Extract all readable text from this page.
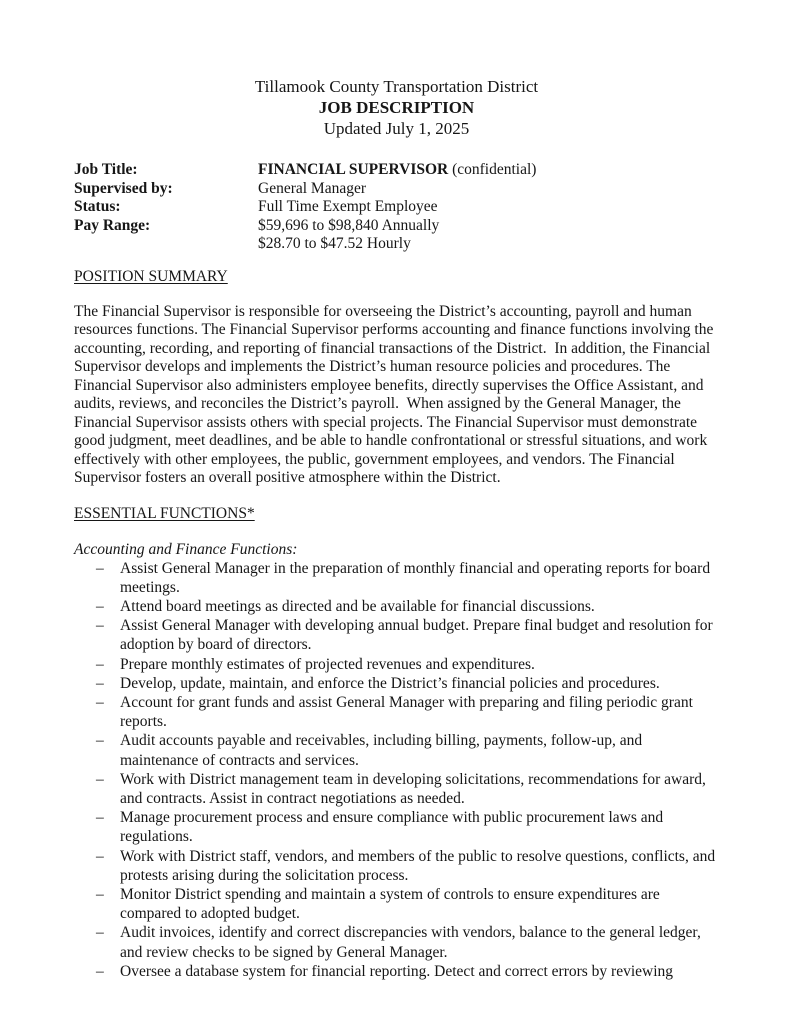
Tillamook County Transportation District
JOB DESCRIPTION
Updated July 1, 2025
Job Title:	FINANCIAL SUPERVISOR (confidential)
Supervised by:	General Manager
Status:	Full Time Exempt Employee
Pay Range:	$59,696 to $98,840 Annually
$28.70 to $47.52 Hourly
POSITION SUMMARY

The Financial Supervisor is responsible for overseeing the District’s accounting, payroll and human resources functions. The Financial Supervisor performs accounting and finance functions involving the accounting, recording, and reporting of financial transactions of the District.  In addition, the Financial Supervisor develops and implements the District’s human resource policies and procedures. The Financial Supervisor also administers employee benefits, directly supervises the Office Assistant, and audits, reviews, and reconciles the District’s payroll.  When assigned by the General Manager, the Financial Supervisor assists others with special projects. The Financial Supervisor must demonstrate good judgment, meet deadlines, and be able to handle confrontational or stressful situations, and work effectively with other employees, the public, government employees, and vendors. The Financial Supervisor fosters an overall positive atmosphere within the District.

ESSENTIAL FUNCTIONS*
Accounting and Finance Functions:
–	Assist General Manager in the preparation of monthly financial and operating reports for board meetings.
–	Attend board meetings as directed and be available for financial discussions.
–	Assist General Manager with developing annual budget. Prepare final budget and resolution for adoption by board of directors.
–	Prepare monthly estimates of projected revenues and expenditures.
–	Develop, update, maintain, and enforce the District’s financial policies and procedures.
–	Account for grant funds and assist General Manager with preparing and filing periodic grant reports.
–	Audit accounts payable and receivables, including billing, payments, follow-up, and maintenance of contracts and services.
–	Work with District management team in developing solicitations, recommendations for award, and contracts. Assist in contract negotiations as needed.
–	Manage procurement process and ensure compliance with public procurement laws and regulations.
–	Work with District staff, vendors, and members of the public to resolve questions, conflicts, and protests arising during the solicitation process.
–	Monitor District spending and maintain a system of controls to ensure expenditures are compared to adopted budget.
–	Audit invoices, identify and correct discrepancies with vendors, balance to the general ledger, and review checks to be signed by General Manager.
–	Oversee a database system for financial reporting. Detect and correct errors by reviewing
